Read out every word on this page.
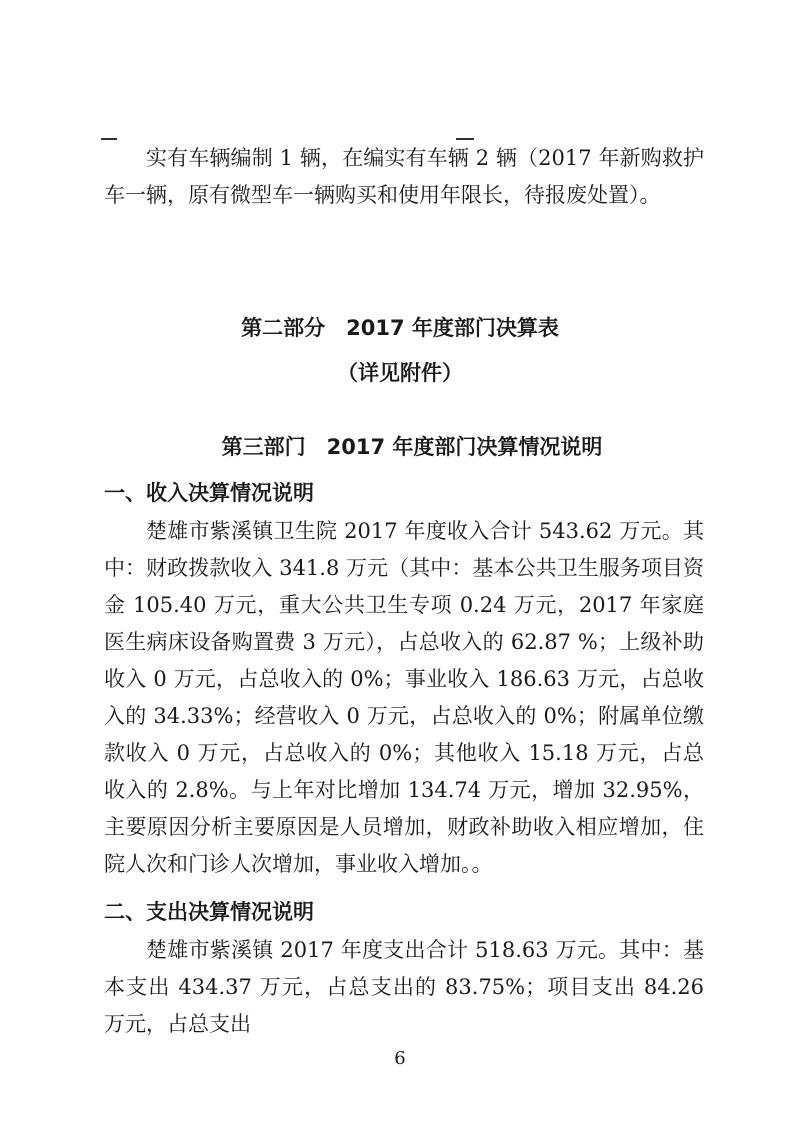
实有车辆编制 1 辆，在编实有车辆 2 辆（2017 年新购救护车一辆，原有微型车一辆购买和使用年限长，待报废处置）。

第二部分　2017 年度部门决算表

（详见附件）

第三部门　2017 年度部门决算情况说明

一、收入决算情况说明

楚雄市紫溪镇卫生院 2017 年度收入合计 543.62 万元。其中：财政拨款收入 341.8 万元（其中：基本公共卫生服务项目资金 105.40 万元，重大公共卫生专项 0.24 万元，2017 年家庭医生病床设备购置费 3 万元），占总收入的 62.87 %；上级补助收入 0 万元，占总收入的 0%；事业收入 186.63 万元，占总收入的 34.33%；经营收入 0 万元，占总收入的 0%；附属单位缴款收入 0 万元，占总收入的 0%；其他收入 15.18 万元，占总收入的 2.8%。与上年对比增加 134.74 万元，增加 32.95%，主要原因分析主要原因是人员增加，财政补助收入相应增加，住院人次和门诊人次增加，事业收入增加。。

二、支出决算情况说明

楚雄市紫溪镇 2017 年度支出合计 518.63 万元。其中：基本支出 434.37 万元，占总支出的 83.75%；项目支出 84.26 万元，占总支出

6
